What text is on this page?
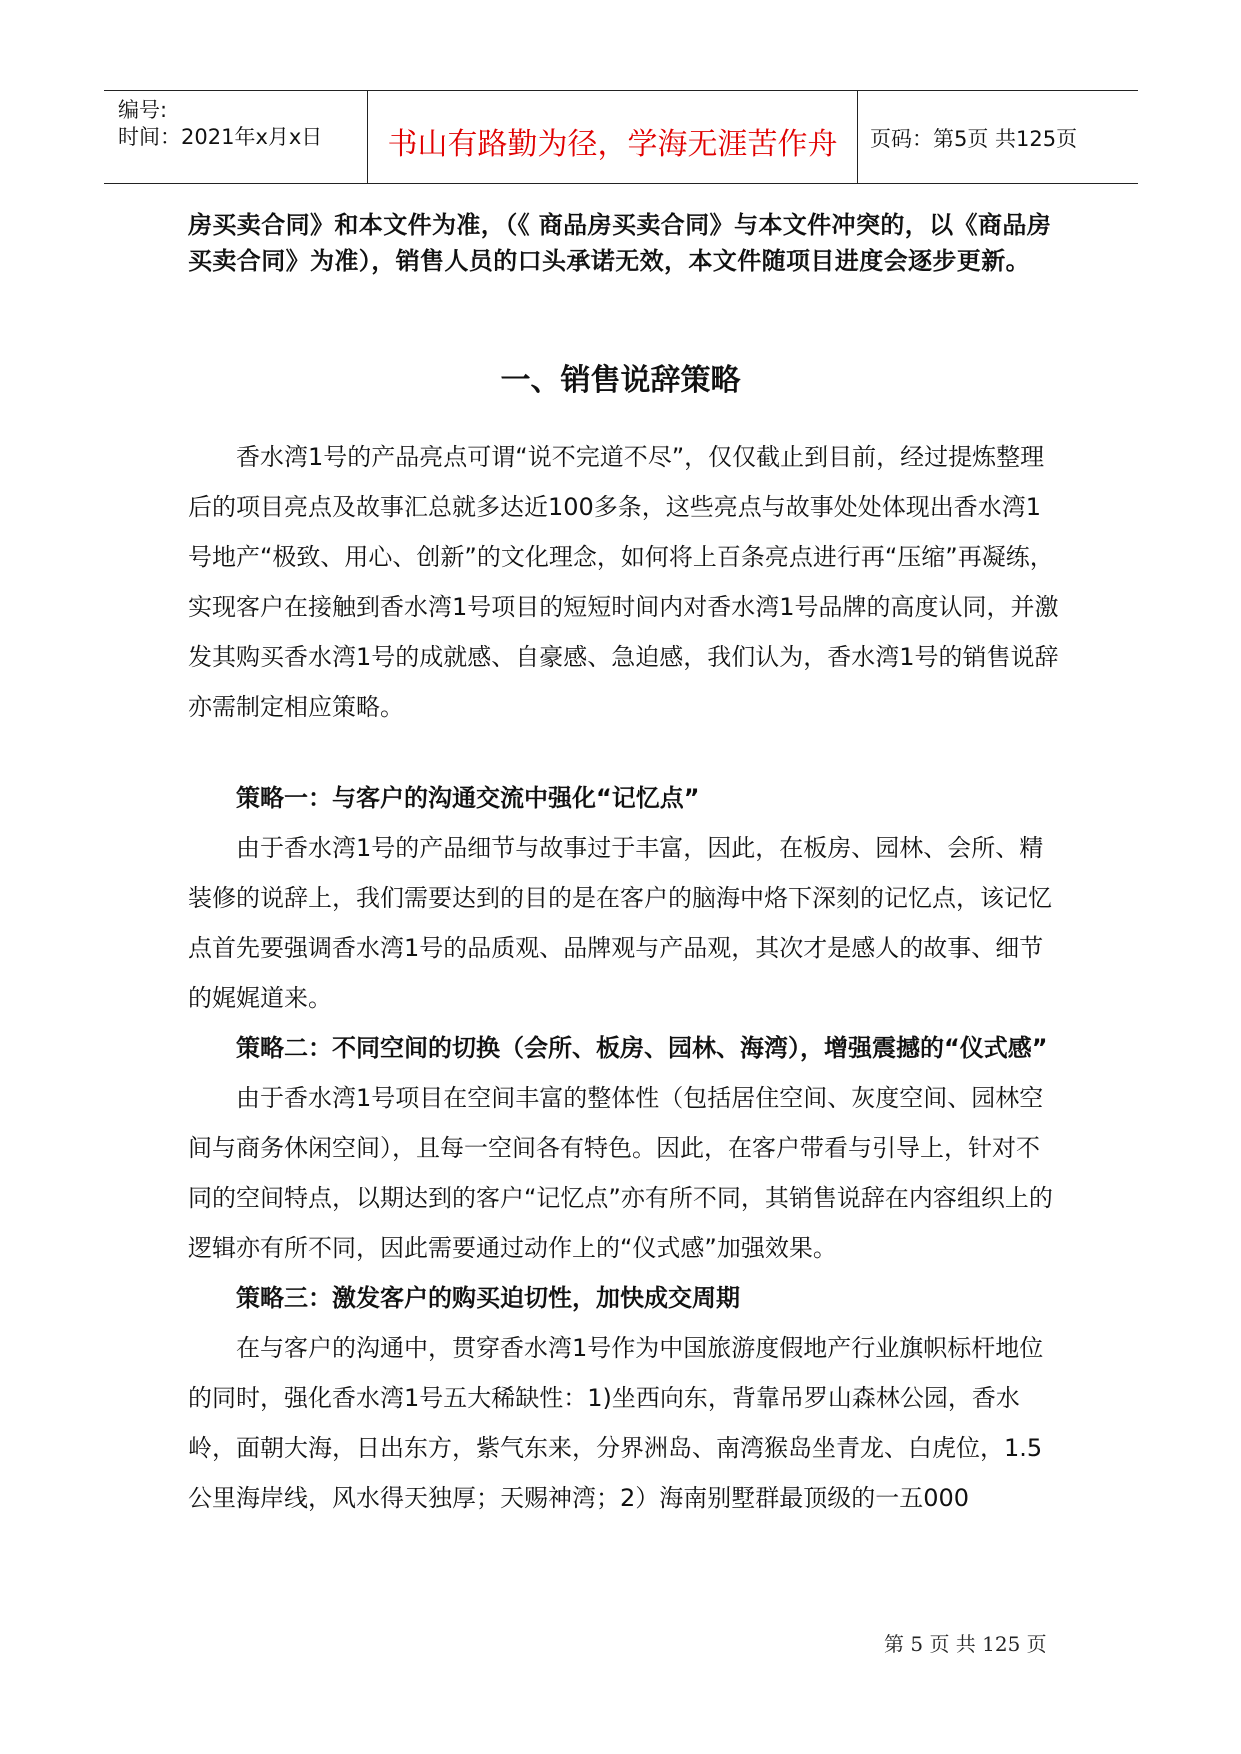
编号:
时间：2021年x月x日	书山有路勤为径，学海无涯苦作舟	页码：第5页 共125页
房买卖合同》和本文件为准，（《 商品房买卖合同》与本文件冲突的，以《商品房买卖合同》为准），销售人员的口头承诺无效，本文件随项目进度会逐步更新。
一、销售说辞策略
香水湾1号的产品亮点可谓“说不完道不尽”，仅仅截止到目前，经过提炼整理后的项目亮点及故事汇总就多达近100多条，这些亮点与故事处处体现出香水湾1号地产“极致、用心、创新”的文化理念，如何将上百条亮点进行再“压缩”再凝练，实现客户在接触到香水湾1号项目的短短时间内对香水湾1号品牌的高度认同，并激发其购买香水湾1号的成就感、自豪感、急迫感，我们认为，香水湾1号的销售说辞亦需制定相应策略。
策略一：与客户的沟通交流中强化“记忆点”
由于香水湾1号的产品细节与故事过于丰富，因此，在板房、园林、会所、精装修的说辞上，我们需要达到的目的是在客户的脑海中烙下深刻的记忆点，该记忆点首先要强调香水湾1号的品质观、品牌观与产品观，其次才是感人的故事、细节的娓娓道来。
策略二：不同空间的切换（会所、板房、园林、海湾），增强震撼的“仪式感”
由于香水湾1号项目在空间丰富的整体性（包括居住空间、灰度空间、园林空间与商务休闲空间），且每一空间各有特色。因此，在客户带看与引导上，针对不同的空间特点，以期达到的客户“记忆点”亦有所不同，其销售说辞在内容组织上的逻辑亦有所不同，因此需要通过动作上的“仪式感”加强效果。
策略三：激发客户的购买迫切性，加快成交周期
在与客户的沟通中，贯穿香水湾1号作为中国旅游度假地产行业旗帜标杆地位的同时，强化香水湾1号五大稀缺性：1)坐西向东，背靠吊罗山森林公园，香水岭，面朝大海，日出东方，紫气东来，分界洲岛、南湾猴岛坐青龙、白虎位，1.5公里海岸线，风水得天独厚；天赐神湾；2）海南别墅群最顶级的一五000
第 5 页 共 125 页
